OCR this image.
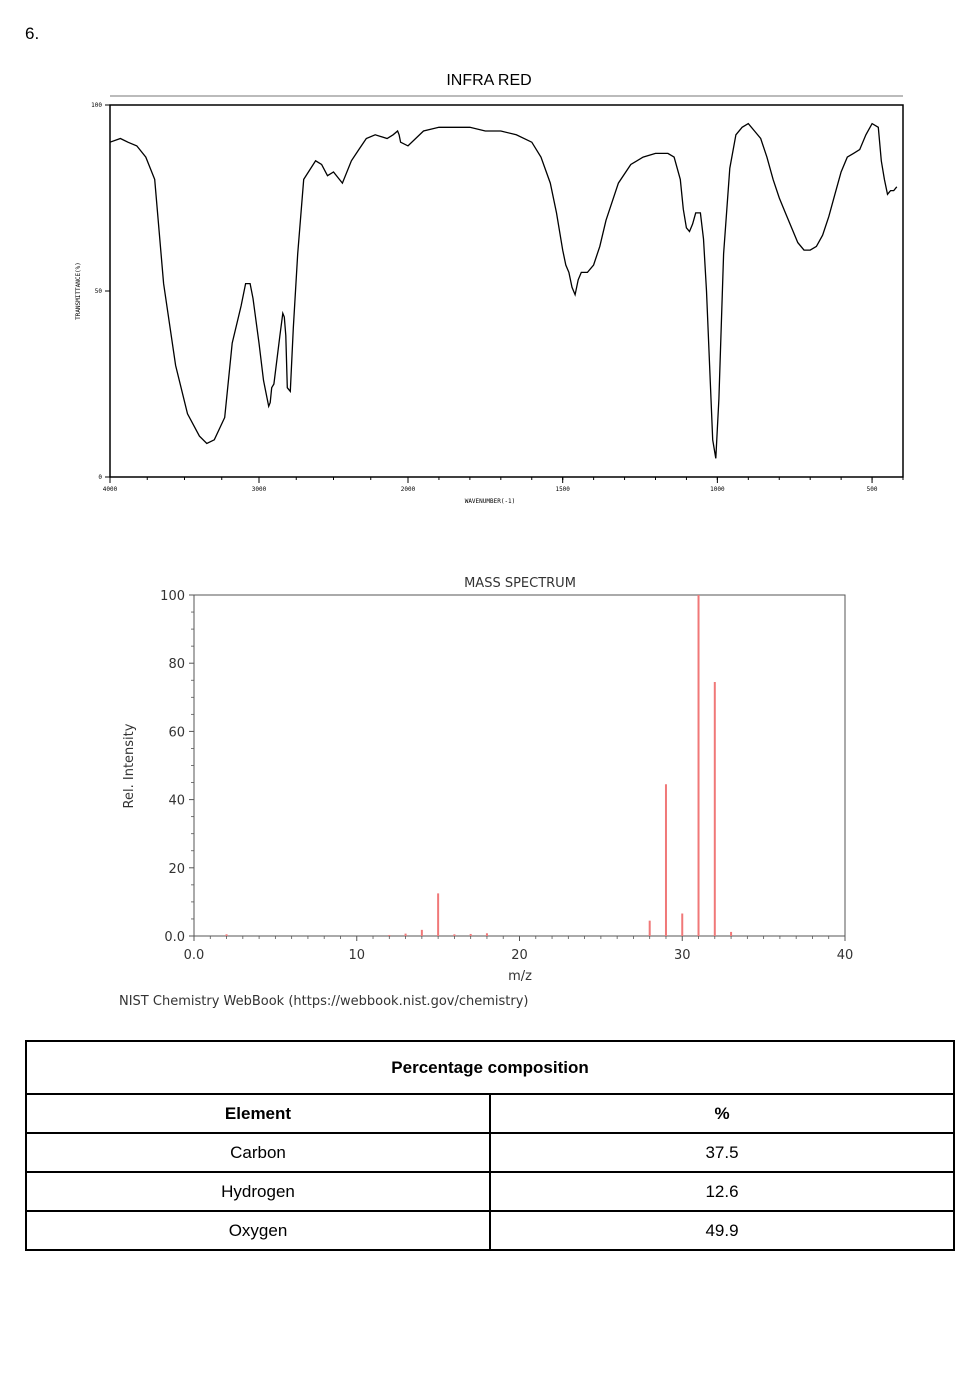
6.
INFRA RED
4000	3000	2000	1500	1000	500
0
50
100
WAVENUMBER(-1)
TRANSMITTANCE(%)
MASS SPECTRUM
0.0	10	20	30	40
0.0
20
40
60
80
100
m/z
Rel. Intensity
NIST Chemistry WebBook (https://webbook.nist.gov/chemistry)
Percentage composition	
Element	%
Carbon	37.5
Hydrogen	12.6
Oxygen	49.9
